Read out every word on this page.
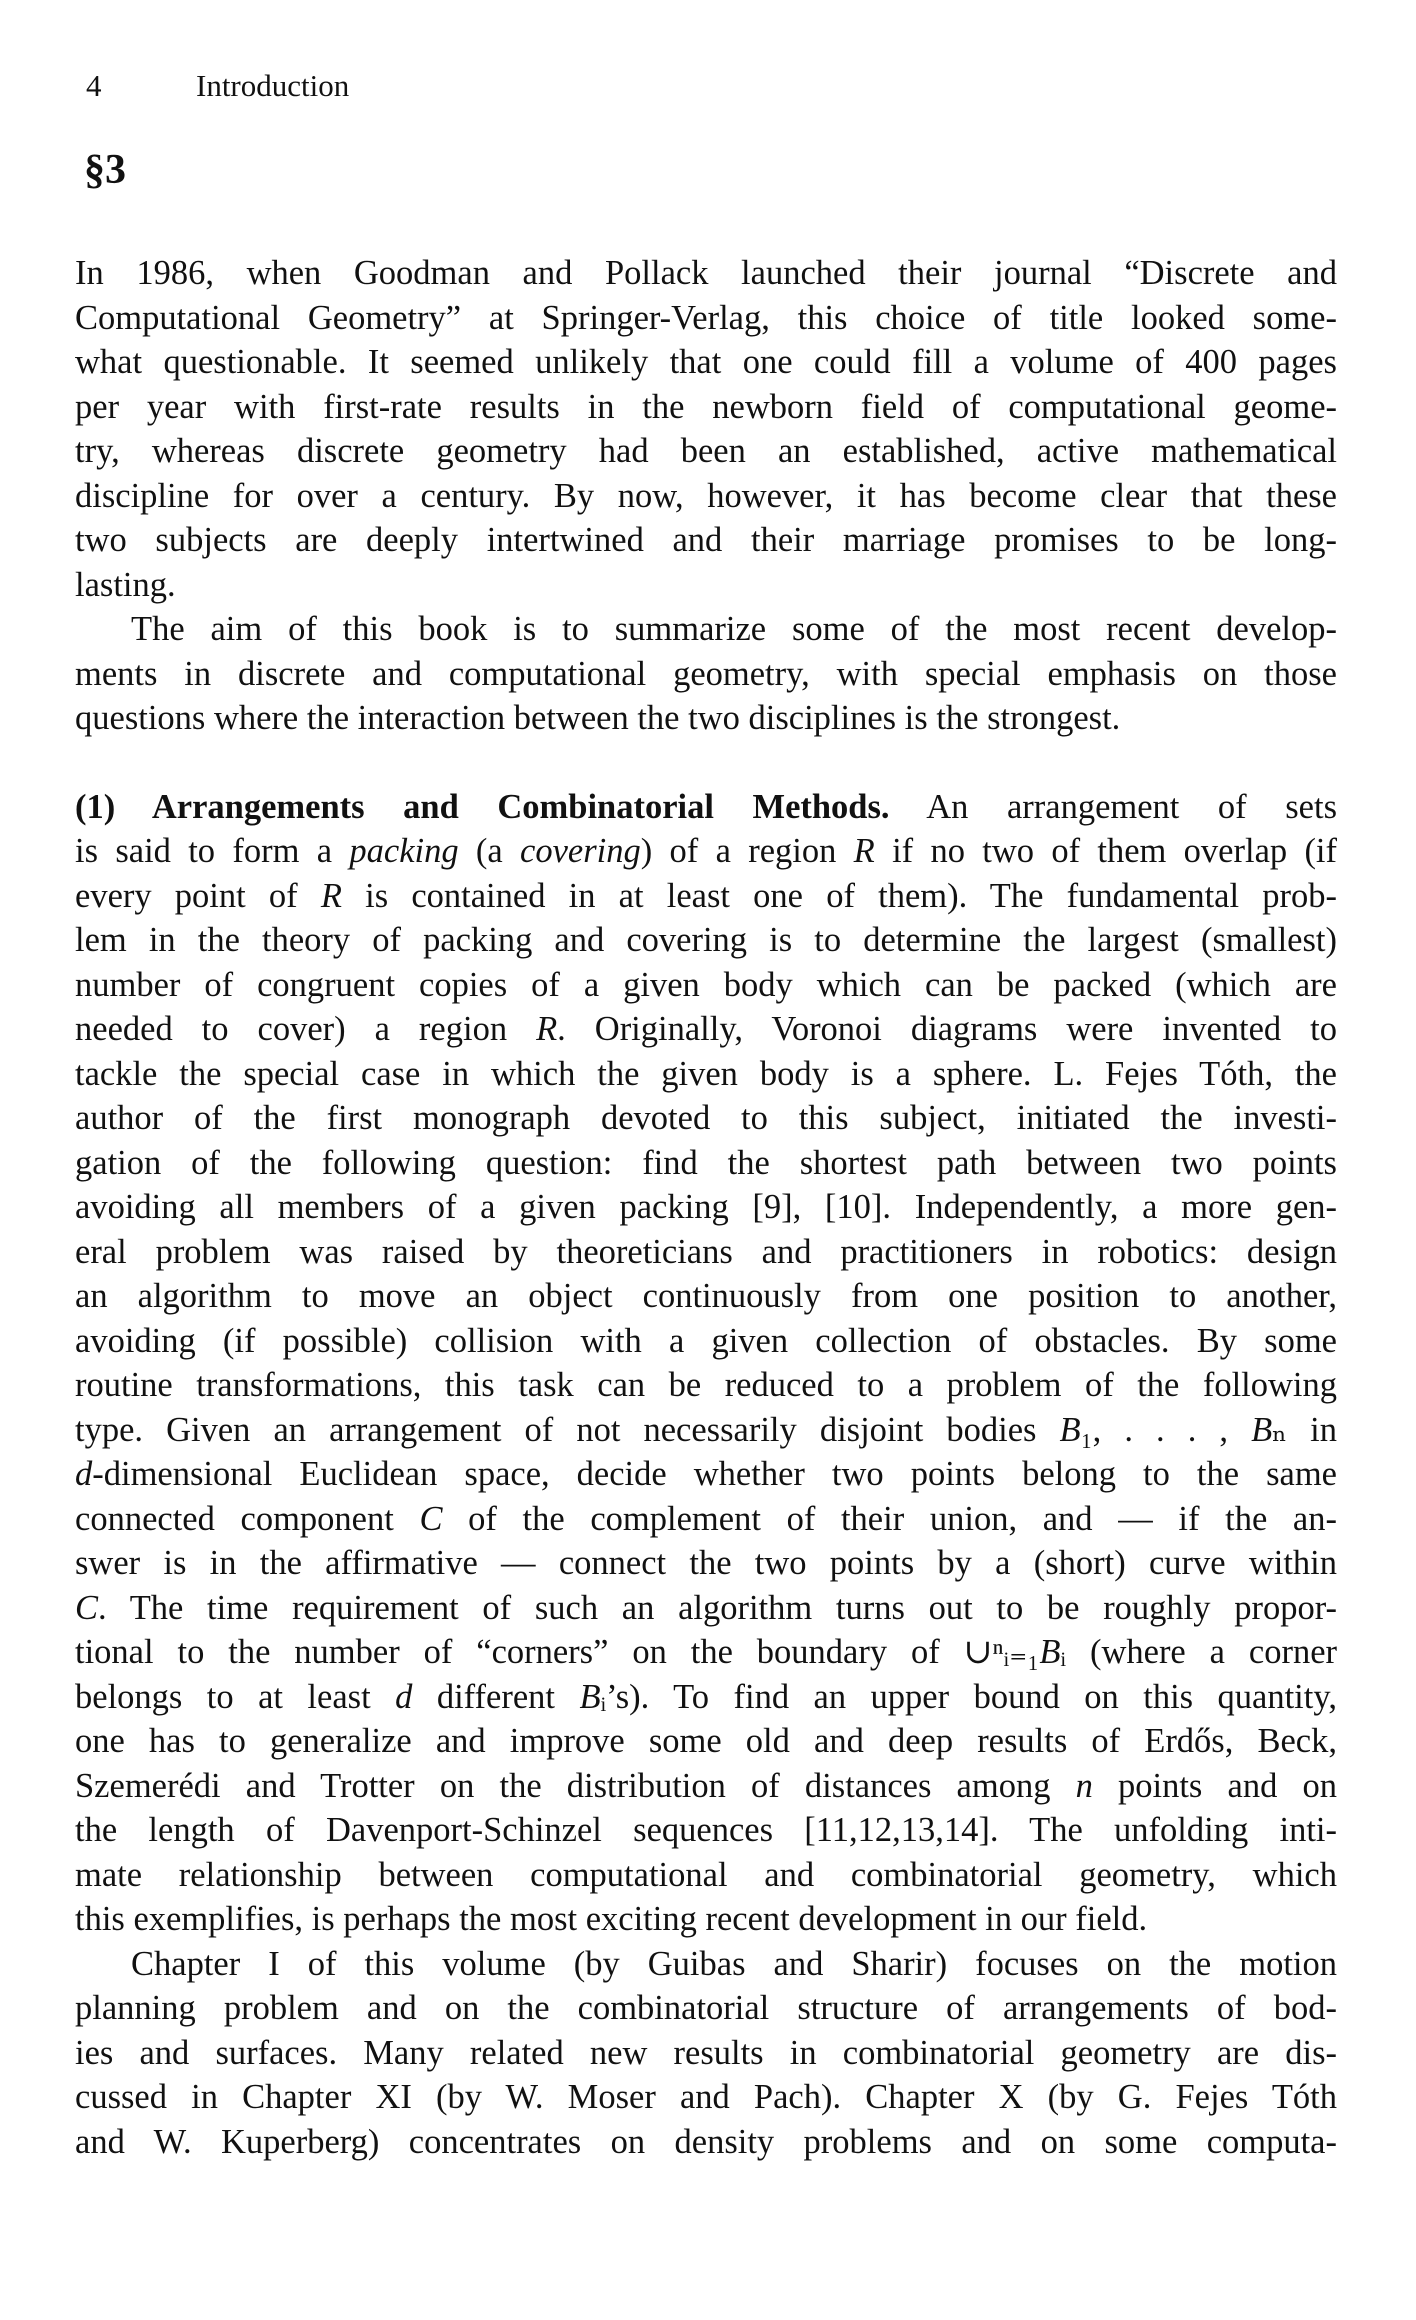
4	Introduction
§3
In 1986, when Goodman and Pollack launched their journal “Discrete and
Computational Geometry” at Springer-Verlag, this choice of title looked some-
what questionable. It seemed unlikely that one could fill a volume of 400 pages
per year with first-rate results in the newborn field of computational geome-
try, whereas discrete geometry had been an established, active mathematical
discipline for over a century. By now, however, it has become clear that these
two subjects are deeply intertwined and their marriage promises to be long-
lasting.
The aim of this book is to summarize some of the most recent develop-
ments in discrete and computational geometry, with special emphasis on those
questions where the interaction between the two disciplines is the strongest.
(1) Arrangements and Combinatorial Methods. An arrangement of sets
is said to form a packing (a covering) of a region R if no two of them overlap (if
every point of R is contained in at least one of them). The fundamental prob-
lem in the theory of packing and covering is to determine the largest (smallest)
number of congruent copies of a given body which can be packed (which are
needed to cover) a region R. Originally, Voronoi diagrams were invented to
tackle the special case in which the given body is a sphere. L. Fejes Tóth, the
author of the first monograph devoted to this subject, initiated the investi-
gation of the following question: find the shortest path between two points
avoiding all members of a given packing [9], [10]. Independently, a more gen-
eral problem was raised by theoreticians and practitioners in robotics: design
an algorithm to move an object continuously from one position to another,
avoiding (if possible) collision with a given collection of obstacles. By some
routine transformations, this task can be reduced to a problem of the following
type. Given an arrangement of not necessarily disjoint bodies B₁, . . . , Bₙ in
d-dimensional Euclidean space, decide whether two points belong to the same
connected component C of the complement of their union, and — if the an-
swer is in the affirmative — connect the two points by a (short) curve within
C. The time requirement of such an algorithm turns out to be roughly propor-
tional to the number of “corners” on the boundary of ∪ⁿᵢ₌₁Bᵢ (where a corner
belongs to at least d different Bᵢ’s). To find an upper bound on this quantity,
one has to generalize and improve some old and deep results of Erdős, Beck,
Szemerédi and Trotter on the distribution of distances among n points and on
the length of Davenport-Schinzel sequences [11,12,13,14]. The unfolding inti-
mate relationship between computational and combinatorial geometry, which
this exemplifies, is perhaps the most exciting recent development in our field.
Chapter I of this volume (by Guibas and Sharir) focuses on the motion
planning problem and on the combinatorial structure of arrangements of bod-
ies and surfaces. Many related new results in combinatorial geometry are dis-
cussed in Chapter XI (by W. Moser and Pach). Chapter X (by G. Fejes Tóth
and W. Kuperberg) concentrates on density problems and on some computa-
